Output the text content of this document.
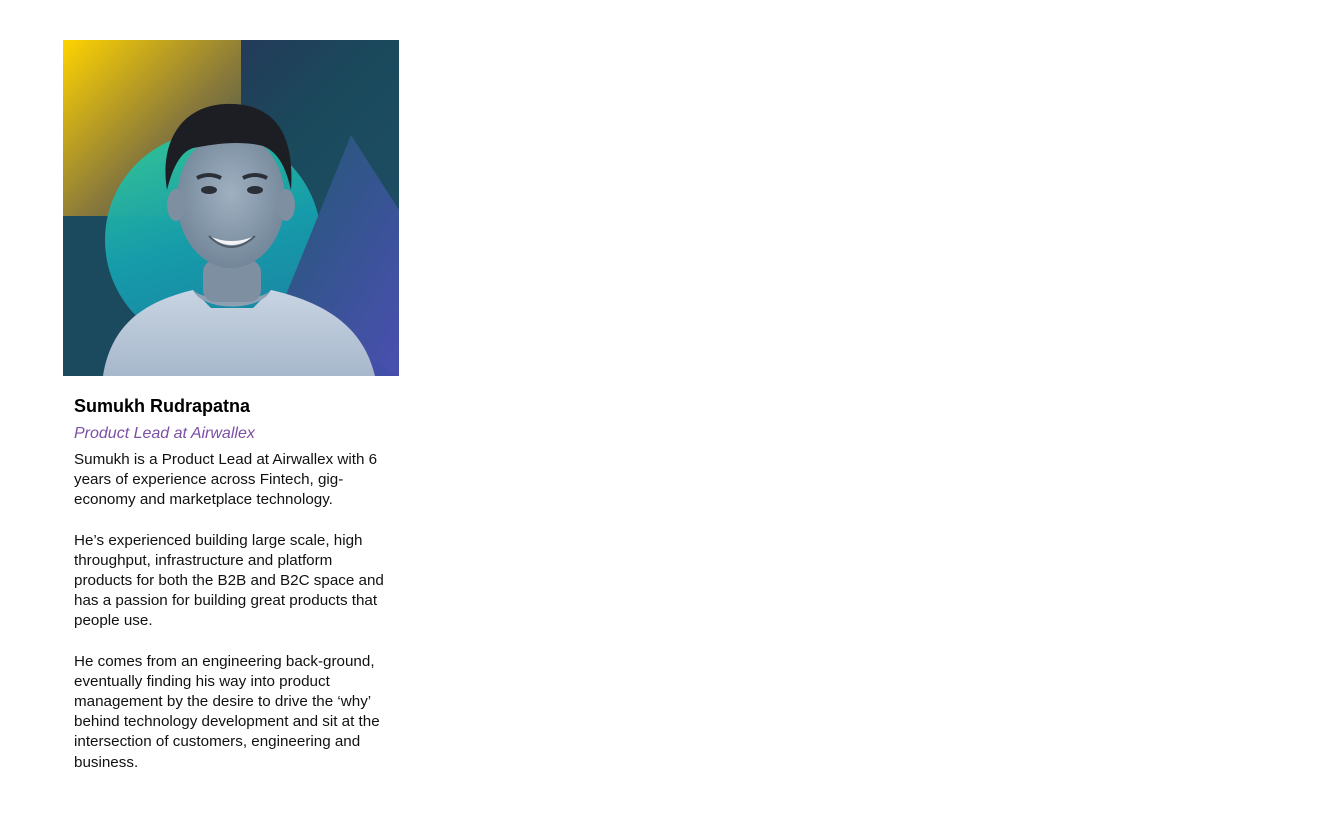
Sumukh Rudrapatna
Product Lead at Airwallex

Sumukh is a Product Lead at Airwallex with 6 years of experience across Fintech, gig-economy and marketplace technology.

He’s experienced building large scale, high throughput, infrastructure and platform products for both the B2B and B2C space and has a passion for building great products that people use.

He comes from an engineering back-ground, eventually finding his way into product management by the desire to drive the ‘why’ behind technology development and sit at the intersection of customers, engineering and business.
